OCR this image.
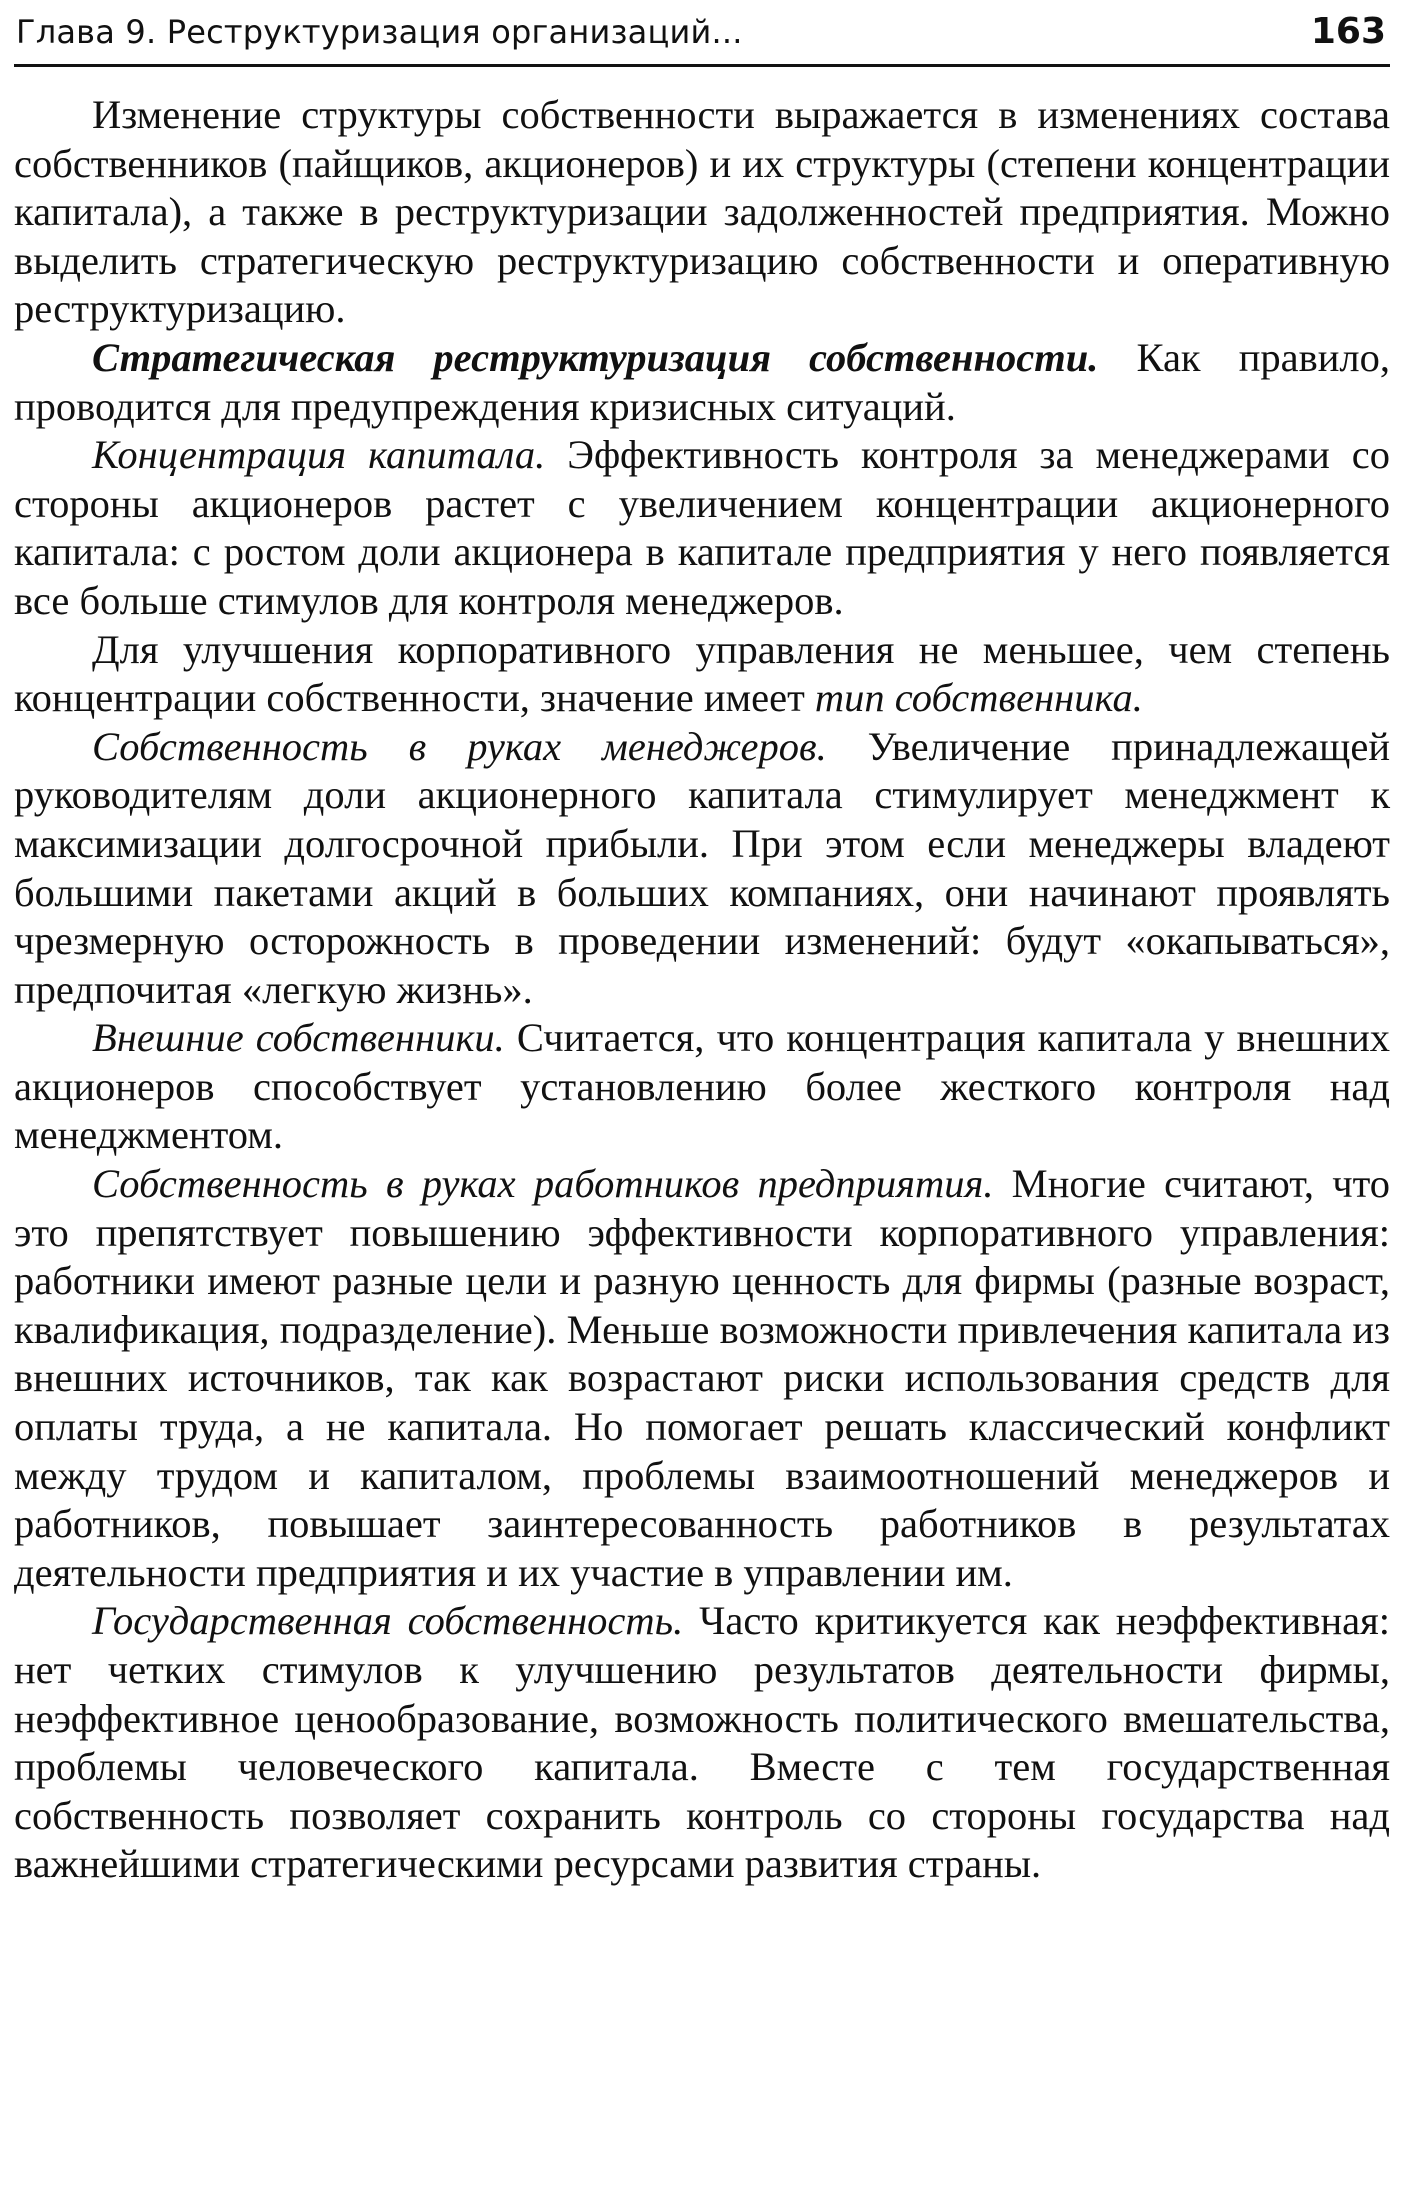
Глава 9. Реструктуризация организаций...	163

Изменение структуры собственности выражается в изменениях состава собственников (пайщиков, акционеров) и их структуры (степени концентрации капитала), а также в реструктуризации задолженностей предприятия. Можно выделить стратегическую реструктуризацию собственности и оперативную реструктуризацию.

Стратегическая реструктуризация собственности. Как правило, проводится для предупреждения кризисных ситуаций.

Концентрация капитала. Эффективность контроля за менеджерами со стороны акционеров растет с увеличением концентрации акционерного капитала: с ростом доли акционера в капитале предприятия у него появляется все больше стимулов для контроля менеджеров.

Для улучшения корпоративного управления не меньшее, чем степень концентрации собственности, значение имеет тип собственника.

Собственность в руках менеджеров. Увеличение принадлежащей руководителям доли акционерного капитала стимулирует менеджмент к максимизации долгосрочной прибыли. При этом если менеджеры владеют большими пакетами акций в больших компаниях, они начинают проявлять чрезмерную осторожность в проведении изменений: будут «окапываться», предпочитая «легкую жизнь».

Внешние собственники. Считается, что концентрация капитала у внешних акционеров способствует установлению более жесткого контроля над менеджментом.

Собственность в руках работников предприятия. Многие считают, что это препятствует повышению эффективности корпоративного управления: работники имеют разные цели и разную ценность для фирмы (разные возраст, квалификация, подразделение). Меньше возможности привлечения капитала из внешних источников, так как возрастают риски использования средств для оплаты труда, а не капитала. Но помогает решать классический конфликт между трудом и капиталом, проблемы взаимоотношений менеджеров и работников, повышает заинтересованность работников в результатах деятельности предприятия и их участие в управлении им.

Государственная собственность. Часто критикуется как неэффективная: нет четких стимулов к улучшению результатов деятельности фирмы, неэффективное ценообразование, возможность политического вмешательства, проблемы человеческого капитала. Вместе с тем государственная собственность позволяет сохранить контроль со стороны государства над важнейшими стратегическими ресурсами развития страны.
